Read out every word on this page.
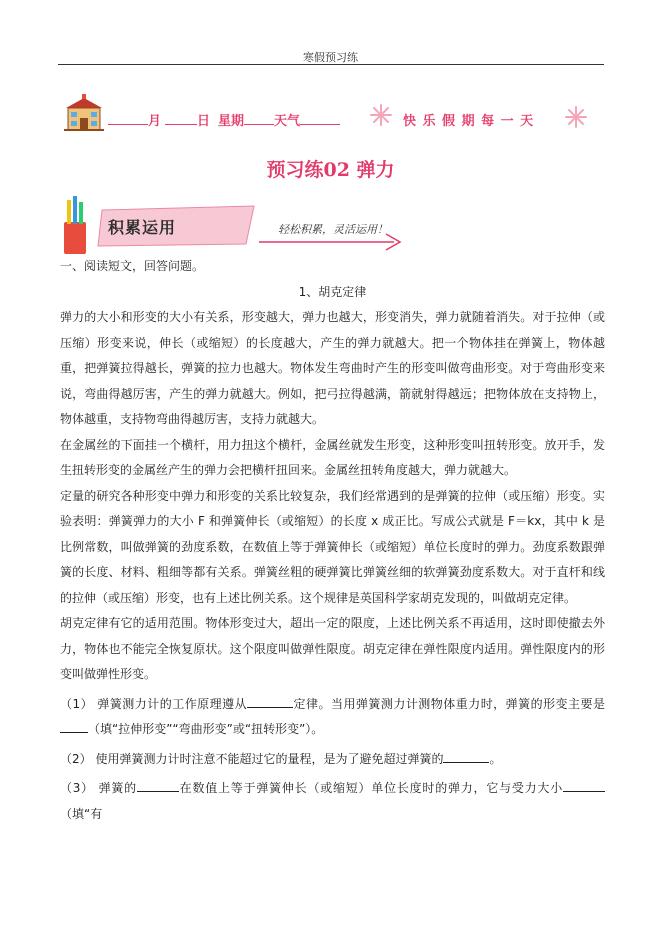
寒假预习练
月	日 星期 天气	快 乐 假 期 每 一 天
预习练02 弹力
积累运用	轻松积累，灵活运用！

一、阅读短文，回答问题。

1、胡克定律

弹力的大小和形变的大小有关系，形变越大，弹力也越大，形变消失，弹力就随着消失。对于拉伸（或压缩）形变来说，伸长（或缩短）的长度越大，产生的弹力就越大。把一个物体挂在弹簧上，物体越重，把弹簧拉得越长，弹簧的拉力也越大。物体发生弯曲时产生的形变叫做弯曲形变。对于弯曲形变来说，弯曲得越厉害，产生的弹力就越大。例如，把弓拉得越满，箭就射得越远；把物体放在支持物上，物体越重，支持物弯曲得越厉害，支持力就越大。

在金属丝的下面挂一个横杆，用力扭这个横杆，金属丝就发生形变，这种形变叫扭转形变。放开手，发生扭转形变的金属丝产生的弹力会把横杆扭回来。金属丝扭转角度越大，弹力就越大。

定量的研究各种形变中弹力和形变的关系比较复杂，我们经常遇到的是弹簧的拉伸（或压缩）形变。实验表明：弹簧弹力的大小 F 和弹簧伸长（或缩短）的长度 x 成正比。写成公式就是 F＝kx，其中 k 是比例常数，叫做弹簧的劲度系数，在数值上等于弹簧伸长（或缩短）单位长度时的弹力。劲度系数跟弹簧的长度、材料、粗细等都有关系。弹簧丝粗的硬弹簧比弹簧丝细的软弹簧劲度系数大。对于直杆和线的拉伸（或压缩）形变，也有上述比例关系。这个规律是英国科学家胡克发现的，叫做胡克定律。

胡克定律有它的适用范围。物体形变过大，超出一定的限度，上述比例关系不再适用，这时即使撤去外力，物体也不能完全恢复原状。这个限度叫做弹性限度。胡克定律在弹性限度内适用。弹性限度内的形变叫做弹性形变。

（1） 弹簧测力计的工作原理遵从	定律。当用弹簧测力计测物体重力时，弹簧的形变主要是（填“拉伸形变”“弯曲形变”或“扭转形变”）。

（2） 使用弹簧测力计时注意不能超过它的量程，是为了避免超过弹簧的	。

（3） 弹簧的	在数值上等于弹簧伸长（或缩短）单位长度时的弹力，它与受力大小（填“有
